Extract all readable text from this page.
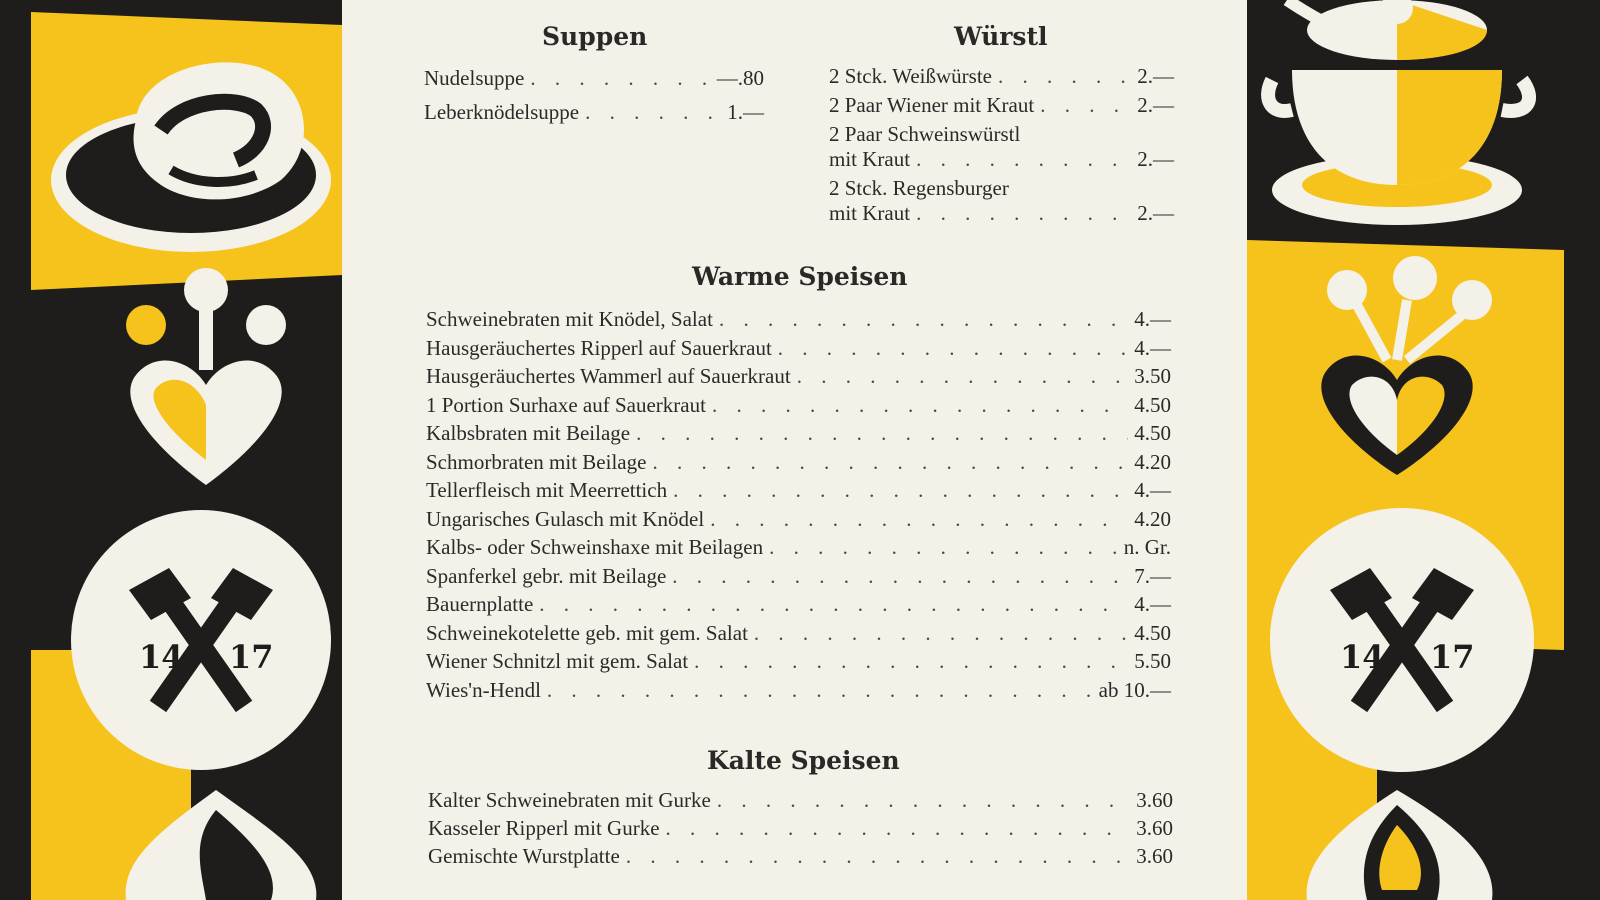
14 17
Suppen
Nudelsuppe . . .	—.80
Leberknödelsuppe . . .	1.—
Würstl
2 Stck. Weißwürste . . .	2.—
2 Paar Wiener mit Kraut . . .	2.—
2 Paar Schweinswürstl
mit Kraut . . .	2.—
2 Stck. Regensburger
mit Kraut . . .	2.—
Warme Speisen
Schweinebraten mit Knödel, Salat . . .	4.—
Hausgeräuchertes Ripperl auf Sauerkraut . . .	4.—
Hausgeräuchertes Wammerl auf Sauerkraut . . .	3.50
1 Portion Surhaxe auf Sauerkraut . . .	4.50
Kalbsbraten mit Beilage . . .	4.50
Schmorbraten mit Beilage . . .	4.20
Tellerfleisch mit Meerrettich . . .	4.—
Ungarisches Gulasch mit Knödel . . .	4.20
Kalbs- oder Schweinshaxe mit Beilagen . . .	n. Gr.
Spanferkel gebr. mit Beilage . . .	7.—
Bauernplatte . . .	4.—
Schweinekotelette geb. mit gem. Salat . . .	4.50
Wiener Schnitzl mit gem. Salat . . .	5.50
Wies'n-Hendl . . .	ab 10.—
Kalte Speisen
Kalter Schweinebraten mit Gurke . . .	3.60
Kasseler Ripperl mit Gurke . . .	3.60
Gemischte Wurstplatte . . .	3.60
14 17
